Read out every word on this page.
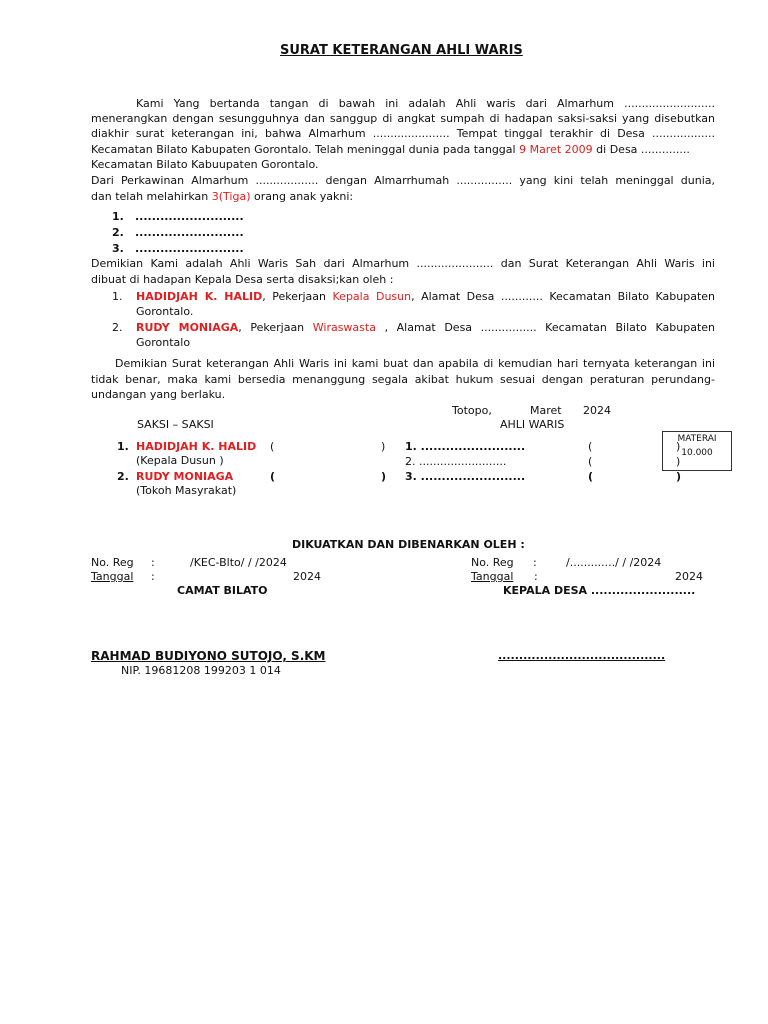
SURAT KETERANGAN AHLI WARIS
Kami Yang bertanda tangan di bawah ini adalah Ahli waris dari Almarhum ..........................
menerangkan dengan sesungguhnya dan sanggup di angkat sumpah di hadapan saksi-saksi yang disebutkan
diakhir surat keterangan ini, bahwa Almarhum ...................... Tempat tinggal terakhir di Desa ..................
Kecamatan Bilato Kabupaten Gorontalo. Telah meninggal dunia pada tanggal 9 Maret 2009 di Desa ..............
Kecamatan Bilato Kabuupaten Gorontalo.
Dari Perkawinan Almarhum .................. dengan Almarrhumah ................ yang kini telah meninggal dunia,
dan telah melahirkan 3(Tiga) orang anak yakni:
1. ..........................
2. ..........................
3. ..........................
Demikian Kami adalah Ahli Waris Sah dari Almarhum ...................... dan Surat Keterangan Ahli Waris ini
dibuat di hadapan Kepala Desa serta disaksi;kan oleh :
1. HADIDJAH K. HALID, Pekerjaan Kepala Dusun, Alamat Desa ............ Kecamatan Bilato Kabupaten
Gorontalo.
2. RUDY MONIAGA, Pekerjaan Wiraswasta , Alamat Desa ................ Kecamatan Bilato Kabupaten
Gorontalo
Demikian Surat keterangan Ahli Waris ini kami buat dan apabila di kemudian hari ternyata keterangan ini
tidak benar, maka kami bersedia menanggung segala akibat hukum sesuai dengan peraturan perundang-
undangan yang berlaku.
Totopo,	Maret 2024
SAKSI – SAKSI	AHLI WARIS
1. HADIDJAH K. HALID (	)
(Kepala Dusun )
2. RUDY MONIAGA	(	)
(Tokoh Masyrakat)
1. .........................	(	)
2. .........................	(	)
3. .........................	(	)
MATERAI
10.000
DIKUATKAN DAN DIBENARKAN OLEH :
No. Reg :	/KEC-Blto/ / /2024
Tanggal :	2024
No. Reg :	/............./ / /2024
Tanggal :	2024
CAMAT BILATO	KEPALA DESA .........................
RAHMAD BUDIYONO SUTOJO, S.KM
NIP. 19681208 199203 1 014
........................................
